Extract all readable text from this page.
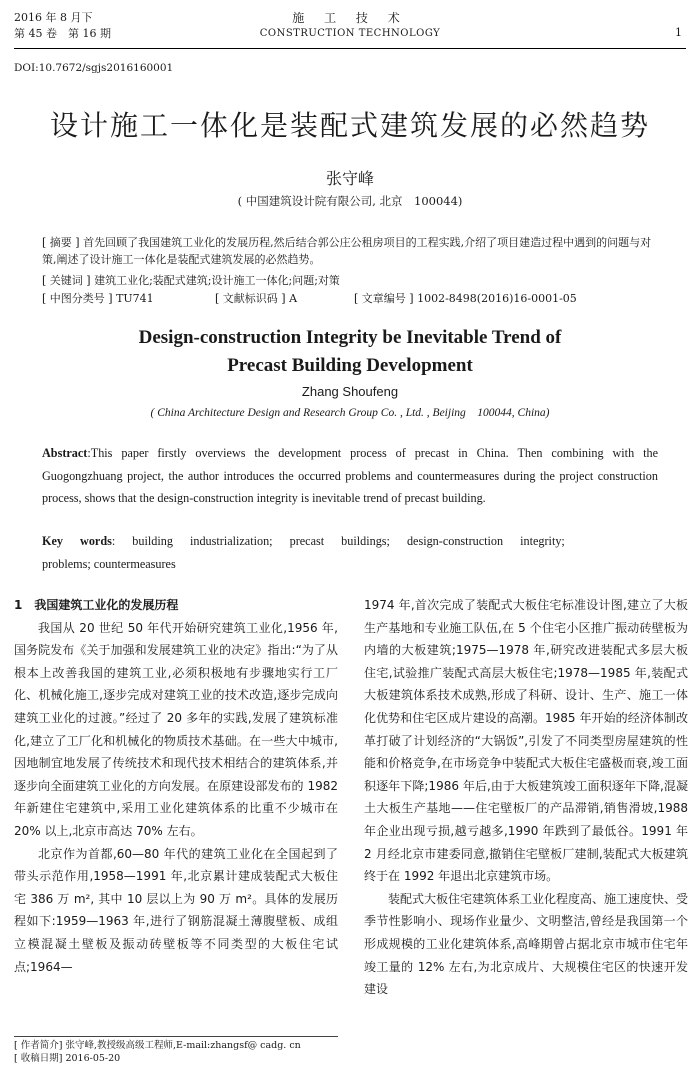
2016 年 8 月下
第 45 卷　第 16 期
施 工 技 术
CONSTRUCTION TECHNOLOGY	1
DOI:10.7672/sgjs2016160001
设计施工一体化是装配式建筑发展的必然趋势
张守峰
( 中国建筑设计院有限公司, 北京　100044)
[ 摘要 ] 首先回顾了我国建筑工业化的发展历程,然后结合郭公庄公租房项目的工程实践,介绍了项目建造过程中遇到的问题与对策,阐述了设计施工一体化是装配式建筑发展的必然趋势。
[ 关键词 ] 建筑工业化;装配式建筑;设计施工一体化;问题;对策
[ 中图分类号 ] TU741	[ 文献标识码 ] A	[ 文章编号 ] 1002-8498(2016)16-0001-05
Design-construction Integrity be Inevitable Trend of
Precast Building Development
Zhang Shoufeng
( China Architecture Design and Research Group Co. , Ltd. , Beijing　100044, China)
Abstract:This paper firstly overviews the development process of precast in China. Then combining with the Guogongzhuang project, the author introduces the occurred problems and countermeasures during the project construction process, shows that the design-construction integrity is inevitable trend of precast building.
Key words: building industrialization; precast buildings; design-construction integrity;
problems; countermeasures

1　我国建筑工业化的发展历程

我国从 20 世纪 50 年代开始研究建筑工业化,1956 年,国务院发布《关于加强和发展建筑工业的决定》指出:“为了从根本上改善我国的建筑工业,必须积极地有步骤地实行工厂化、机械化施工,逐步完成对建筑工业的技术改造,逐步完成向建筑工业化的过渡。”经过了 20 多年的实践,发展了建筑标准化,建立了工厂化和机械化的物质技术基础。在一些大中城市,因地制宜地发展了传统技术和现代技术相结合的建筑体系,并逐步向全面建筑工业化的方向发展。在原建设部发布的 1982 年新建住宅建筑中,采用工业化建筑体系的比重不少城市在 20% 以上,北京市高达 70% 左右。

北京作为首都,60—80 年代的建筑工业化在全国起到了带头示范作用,1958—1991 年,北京累计建成装配式大板住宅 386 万 m², 其中 10 层以上为 90 万 m²。具体的发展历程如下:1959—1963 年,进行了钢筋混凝土薄腹壁板、成组立模混凝土壁板及振动砖壁板等不同类型的大板住宅试点;1964—

1974 年,首次完成了装配式大板住宅标准设计图,建立了大板生产基地和专业施工队伍,在 5 个住宅小区推广振动砖壁板为内墙的大板建筑;1975—1978 年,研究改进装配式多层大板住宅,试验推广装配式高层大板住宅;1978—1985 年,装配式大板建筑体系技术成熟,形成了科研、设计、生产、施工一体化优势和住宅区成片建设的高潮。1985 年开始的经济体制改革打破了计划经济的“大锅饭”,引发了不同类型房屋建筑的性能和价格竞争,在市场竞争中装配式大板住宅盛极而衰,竣工面积逐年下降;1986 年后,由于大板建筑竣工面积逐年下降,混凝土大板生产基地——住宅壁板厂的产品滞销,销售滑坡,1988 年企业出现亏损,越亏越多,1990 年跌到了最低谷。1991 年 2 月经北京市建委同意,撤销住宅壁板厂建制,装配式大板建筑终于在 1992 年退出北京建筑市场。

装配式大板住宅建筑体系工业化程度高、施工速度快、受季节性影响小、现场作业量少、文明整洁,曾经是我国第一个形成规模的工业化建筑体系,高峰期曾占据北京市城市住宅年竣工量的 12% 左右,为北京成片、大规模住宅区的快速开发建设

[ 作者简介] 张守峰,教授级高级工程师,E-mail:zhangsf@ cadg. cn
[ 收稿日期] 2016-05-20
